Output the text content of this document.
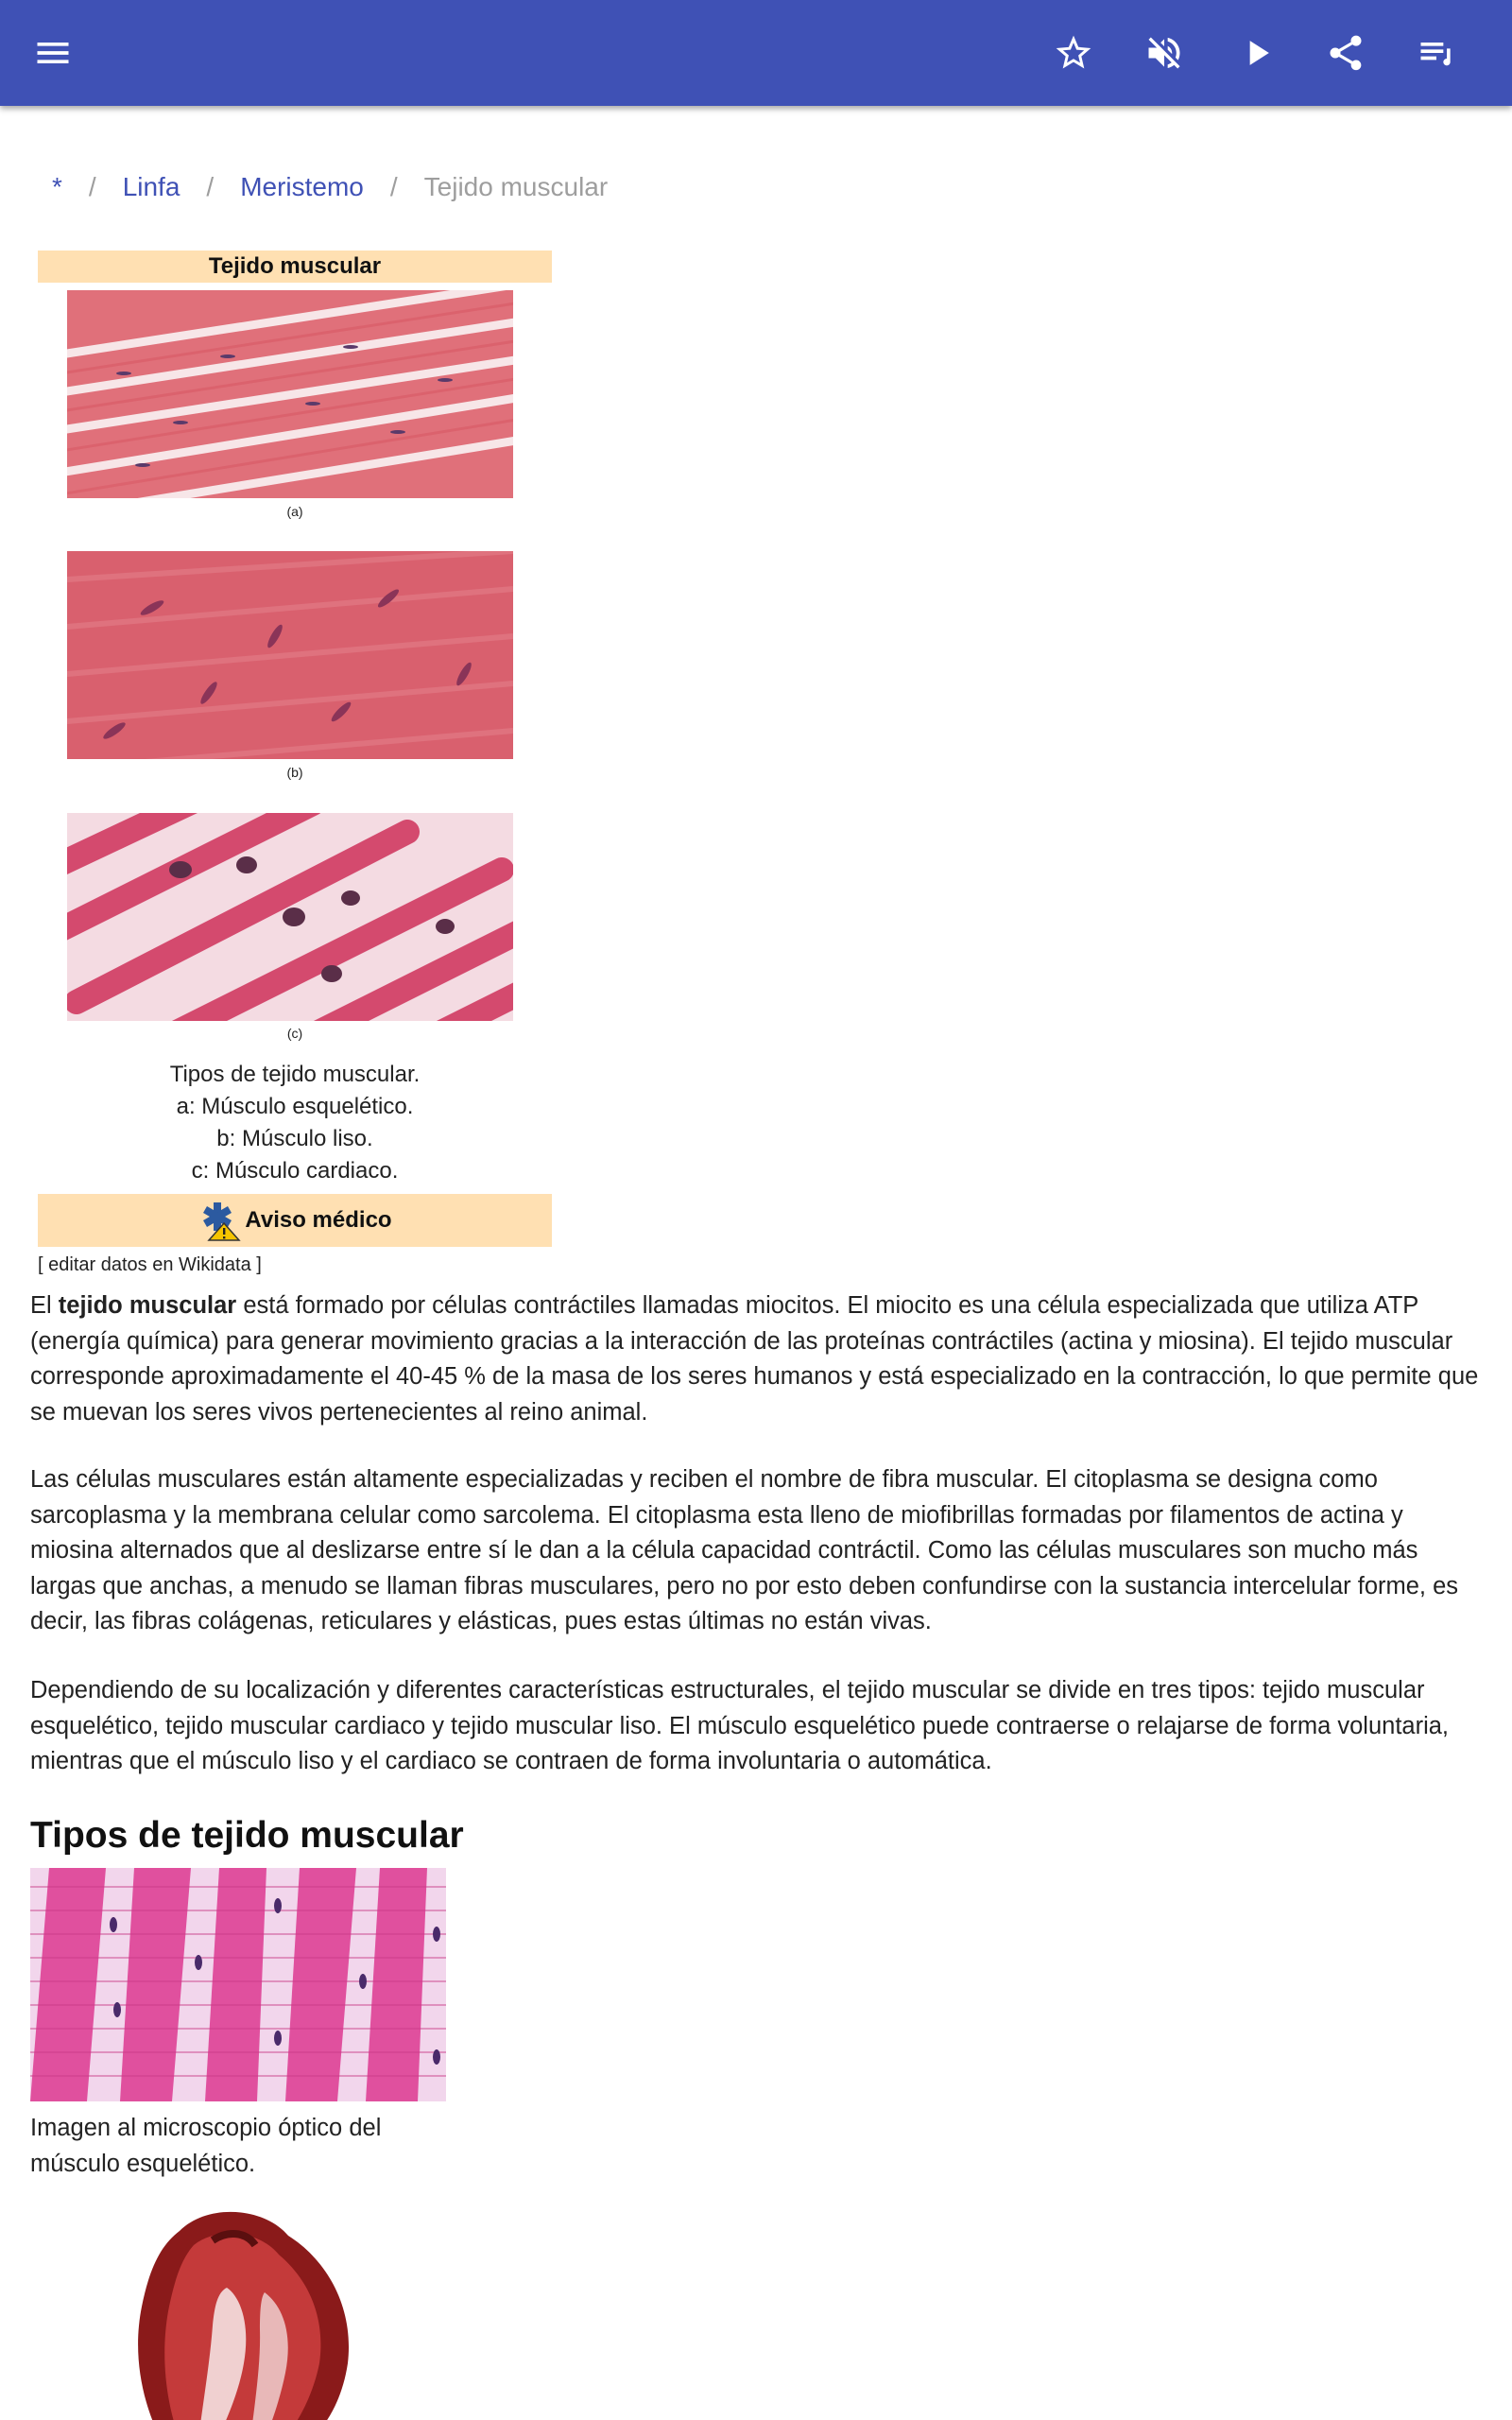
* / Linfa / Meristemo / Tejido muscular
Tejido muscular
(a)
(b)
(c)
Tipos de tejido muscular.
a: Músculo esquelético.
b: Músculo liso.
c: Músculo cardiaco.
Aviso médico
[ editar datos en Wikidata ]

El tejido muscular está formado por células contráctiles llamadas miocitos. El miocito es una célula especializada que utiliza ATP (energía química) para generar movimiento gracias a la interacción de las proteínas contráctiles (actina y miosina). El tejido muscular corresponde aproximadamente el 40-45 % de la masa de los seres humanos y está especializado en la contracción, lo que permite que se muevan los seres vivos pertenecientes al reino animal.

Las células musculares están altamente especializadas y reciben el nombre de fibra muscular. El citoplasma se designa como sarcoplasma y la membrana celular como sarcolema. El citoplasma esta lleno de miofibrillas formadas por filamentos de actina y miosina alternados que al deslizarse entre sí le dan a la célula capacidad contráctil. Como las células musculares son mucho más largas que anchas, a menudo se llaman fibras musculares, pero no por esto deben confundirse con la sustancia intercelular forme, es decir, las fibras colágenas, reticulares y elásticas, pues estas últimas no están vivas.

Dependiendo de su localización y diferentes características estructurales, el tejido muscular se divide en tres tipos: tejido muscular esquelético, tejido muscular cardiaco y tejido muscular liso. El músculo esquelético puede contraerse o relajarse de forma voluntaria, mientras que el músculo liso y el cardiaco se contraen de forma involuntaria o automática.

Tipos de tejido muscular
Imagen al microscopio óptico del músculo esquelético.
